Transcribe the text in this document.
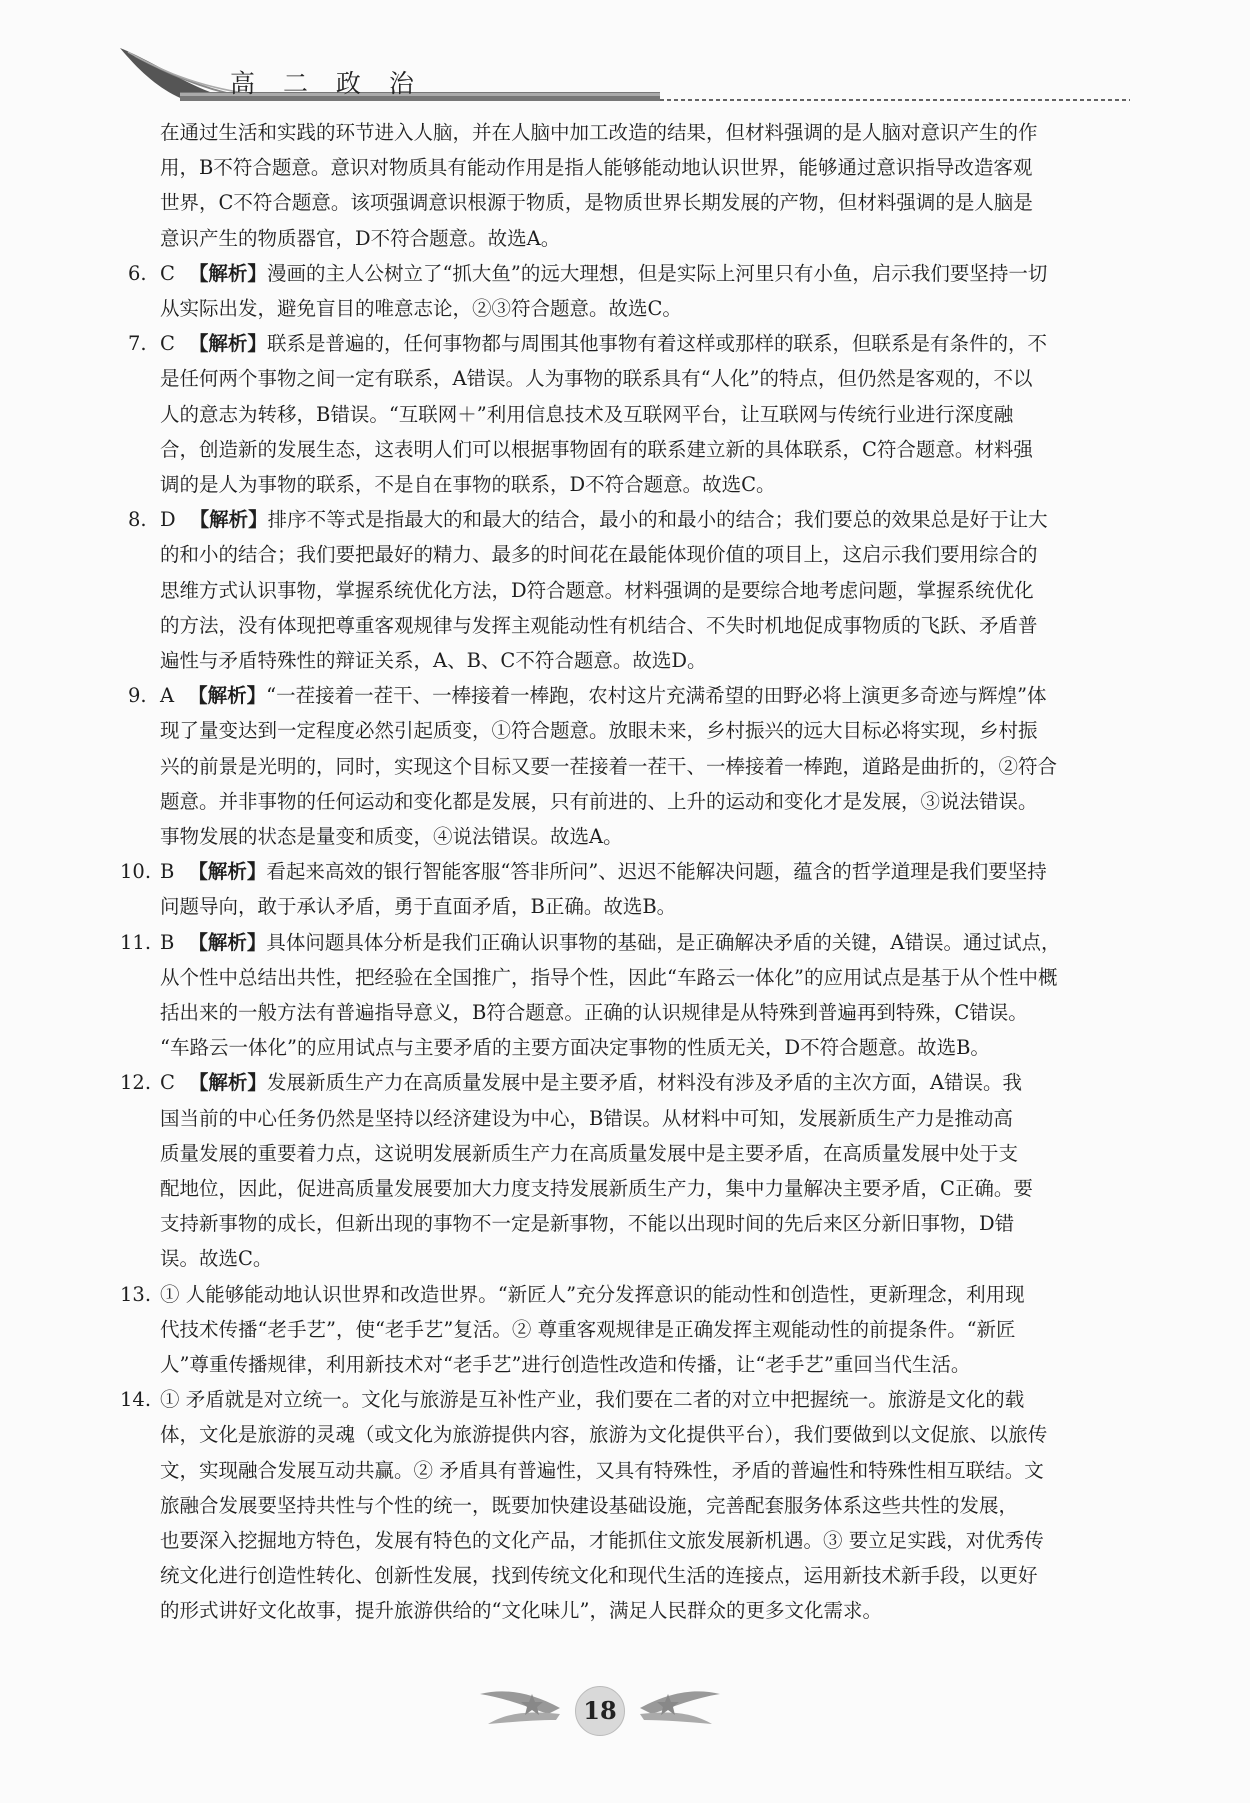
高 二 政 治
在通过生活和实践的环节进入人脑，并在人脑中加工改造的结果，但材料强调的是人脑对意识产生的作
用，B不符合题意。意识对物质具有能动作用是指人能够能动地认识世界，能够通过意识指导改造客观
世界，C不符合题意。该项强调意识根源于物质，是物质世界长期发展的产物，但材料强调的是人脑是
意识产生的物质器官，D不符合题意。故选A。
6. C 【解析】漫画的主人公树立了“抓大鱼”的远大理想，但是实际上河里只有小鱼，启示我们要坚持一切
从实际出发，避免盲目的唯意志论，②③符合题意。故选C。
7. C 【解析】联系是普遍的，任何事物都与周围其他事物有着这样或那样的联系，但联系是有条件的，不
是任何两个事物之间一定有联系，A错误。人为事物的联系具有“人化”的特点，但仍然是客观的，不以
人的意志为转移，B错误。“互联网＋”利用信息技术及互联网平台，让互联网与传统行业进行深度融
合，创造新的发展生态，这表明人们可以根据事物固有的联系建立新的具体联系，C符合题意。材料强
调的是人为事物的联系，不是自在事物的联系，D不符合题意。故选C。
8. D 【解析】排序不等式是指最大的和最大的结合，最小的和最小的结合；我们要总的效果总是好于让大
的和小的结合；我们要把最好的精力、最多的时间花在最能体现价值的项目上，这启示我们要用综合的
思维方式认识事物，掌握系统优化方法，D符合题意。材料强调的是要综合地考虑问题，掌握系统优化
的方法，没有体现把尊重客观规律与发挥主观能动性有机结合、不失时机地促成事物质的飞跃、矛盾普
遍性与矛盾特殊性的辩证关系，A、B、C不符合题意。故选D。
9. A 【解析】“一茬接着一茬干、一棒接着一棒跑，农村这片充满希望的田野必将上演更多奇迹与辉煌”体
现了量变达到一定程度必然引起质变，①符合题意。放眼未来，乡村振兴的远大目标必将实现，乡村振
兴的前景是光明的，同时，实现这个目标又要一茬接着一茬干、一棒接着一棒跑，道路是曲折的，②符合
题意。并非事物的任何运动和变化都是发展，只有前进的、上升的运动和变化才是发展，③说法错误。
事物发展的状态是量变和质变，④说法错误。故选A。
10. B 【解析】看起来高效的银行智能客服“答非所问”、迟迟不能解决问题，蕴含的哲学道理是我们要坚持
问题导向，敢于承认矛盾，勇于直面矛盾，B正确。故选B。
11. B 【解析】具体问题具体分析是我们正确认识事物的基础，是正确解决矛盾的关键，A错误。通过试点，
从个性中总结出共性，把经验在全国推广，指导个性，因此“车路云一体化”的应用试点是基于从个性中概
括出来的一般方法有普遍指导意义，B符合题意。正确的认识规律是从特殊到普遍再到特殊，C错误。
“车路云一体化”的应用试点与主要矛盾的主要方面决定事物的性质无关，D不符合题意。故选B。
12. C 【解析】发展新质生产力在高质量发展中是主要矛盾，材料没有涉及矛盾的主次方面，A错误。我
国当前的中心任务仍然是坚持以经济建设为中心，B错误。从材料中可知，发展新质生产力是推动高
质量发展的重要着力点，这说明发展新质生产力在高质量发展中是主要矛盾，在高质量发展中处于支
配地位，因此，促进高质量发展要加大力度支持发展新质生产力，集中力量解决主要矛盾，C正确。要
支持新事物的成长，但新出现的事物不一定是新事物，不能以出现时间的先后来区分新旧事物，D错
误。故选C。
13. ① 人能够能动地认识世界和改造世界。“新匠人”充分发挥意识的能动性和创造性，更新理念，利用现
代技术传播“老手艺”，使“老手艺”复活。② 尊重客观规律是正确发挥主观能动性的前提条件。“新匠
人”尊重传播规律，利用新技术对“老手艺”进行创造性改造和传播，让“老手艺”重回当代生活。
14. ① 矛盾就是对立统一。文化与旅游是互补性产业，我们要在二者的对立中把握统一。旅游是文化的载
体，文化是旅游的灵魂（或文化为旅游提供内容，旅游为文化提供平台），我们要做到以文促旅、以旅传
文，实现融合发展互动共赢。② 矛盾具有普遍性，又具有特殊性，矛盾的普遍性和特殊性相互联结。文
旅融合发展要坚持共性与个性的统一，既要加快建设基础设施，完善配套服务体系这些共性的发展，
也要深入挖掘地方特色，发展有特色的文化产品，才能抓住文旅发展新机遇。③ 要立足实践，对优秀传
统文化进行创造性转化、创新性发展，找到传统文化和现代生活的连接点，运用新技术新手段，以更好
的形式讲好文化故事，提升旅游供给的“文化味儿”，满足人民群众的更多文化需求。
18
